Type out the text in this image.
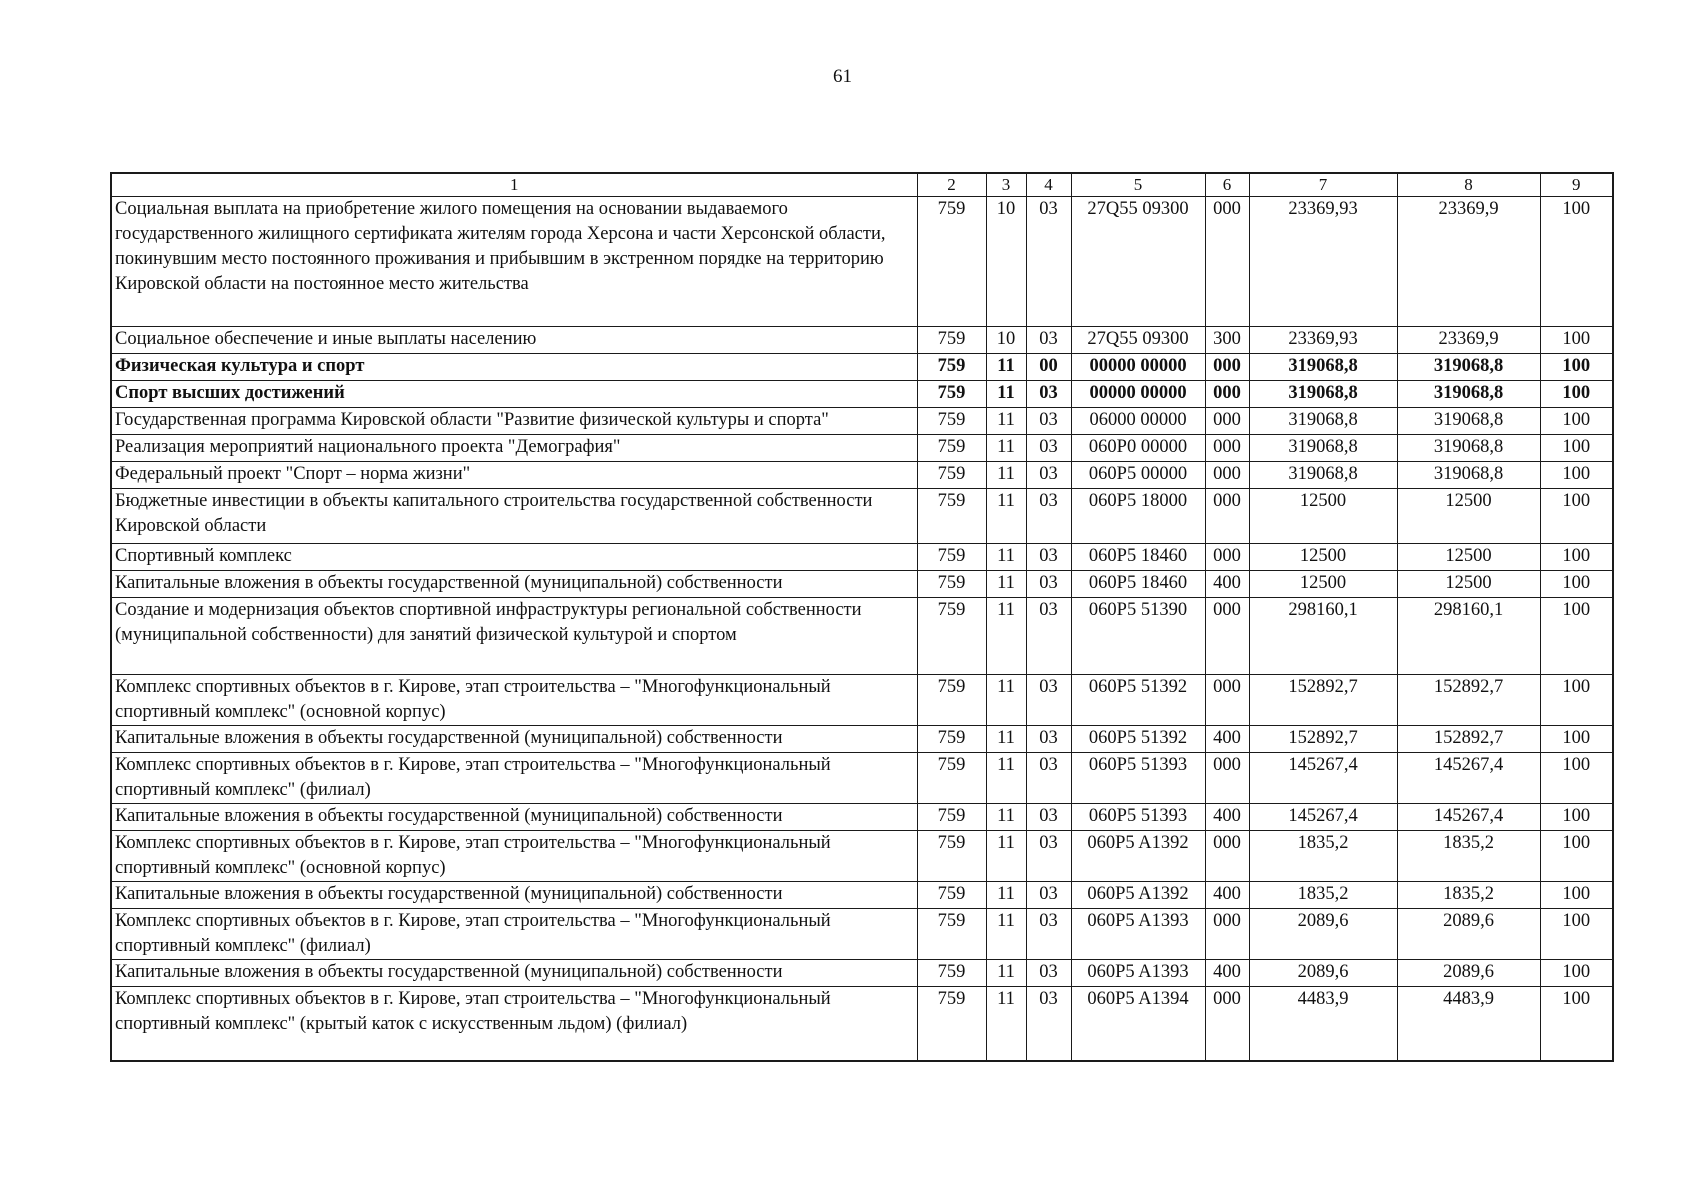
61
1	2	3	4	5	6	7	8	9
Социальная выплата на приобретение жилого помещения на основании выдаваемого государственного жилищного сертификата жителям города Херсона и части Херсонской области, покинувшим место постоянного проживания и прибывшим в экстренном порядке на территорию Кировской области на постоянное место жительства	759	10	03	27Q55 09300	000	23369,93	23369,9	100
Социальное обеспечение и иные выплаты населению	759	10	03	27Q55 09300	300	23369,93	23369,9	100
Физическая культура и спорт	759	11	00	00000 00000	000	319068,8	319068,8	100
Спорт высших достижений	759	11	03	00000 00000	000	319068,8	319068,8	100
Государственная программа Кировской области "Развитие физической культуры и спорта"	759	11	03	06000 00000	000	319068,8	319068,8	100
Реализация мероприятий национального проекта "Демография"	759	11	03	060P0 00000	000	319068,8	319068,8	100
Федеральный проект "Спорт – норма жизни"	759	11	03	060P5 00000	000	319068,8	319068,8	100
Бюджетные инвестиции в объекты капитального строительства государственной собственности Кировской области	759	11	03	060P5 18000	000	12500	12500	100
Спортивный комплекс	759	11	03	060P5 18460	000	12500	12500	100
Капитальные вложения в объекты государственной (муниципальной) собственности	759	11	03	060P5 18460	400	12500	12500	100
Создание и модернизация объектов спортивной инфраструктуры региональной собственности (муниципальной собственности) для занятий физической культурой и спортом	759	11	03	060P5 51390	000	298160,1	298160,1	100
Комплекс спортивных объектов в г. Кирове, этап строительства – "Многофункциональный спортивный комплекс" (основной корпус)	759	11	03	060P5 51392	000	152892,7	152892,7	100
Капитальные вложения в объекты государственной (муниципальной) собственности	759	11	03	060P5 51392	400	152892,7	152892,7	100
Комплекс спортивных объектов в г. Кирове, этап строительства – "Многофункциональный спортивный комплекс" (филиал)	759	11	03	060P5 51393	000	145267,4	145267,4	100
Капитальные вложения в объекты государственной (муниципальной) собственности	759	11	03	060P5 51393	400	145267,4	145267,4	100
Комплекс спортивных объектов в г. Кирове, этап строительства – "Многофункциональный спортивный комплекс" (основной корпус)	759	11	03	060P5 A1392	000	1835,2	1835,2	100
Капитальные вложения в объекты государственной (муниципальной) собственности	759	11	03	060P5 A1392	400	1835,2	1835,2	100
Комплекс спортивных объектов в г. Кирове, этап строительства – "Многофункциональный спортивный комплекс" (филиал)	759	11	03	060P5 A1393	000	2089,6	2089,6	100
Капитальные вложения в объекты государственной (муниципальной) собственности	759	11	03	060P5 A1393	400	2089,6	2089,6	100
Комплекс спортивных объектов в г. Кирове, этап строительства – "Многофункциональный спортивный комплекс" (крытый каток с искусственным льдом) (филиал)	759	11	03	060P5 A1394	000	4483,9	4483,9	100
